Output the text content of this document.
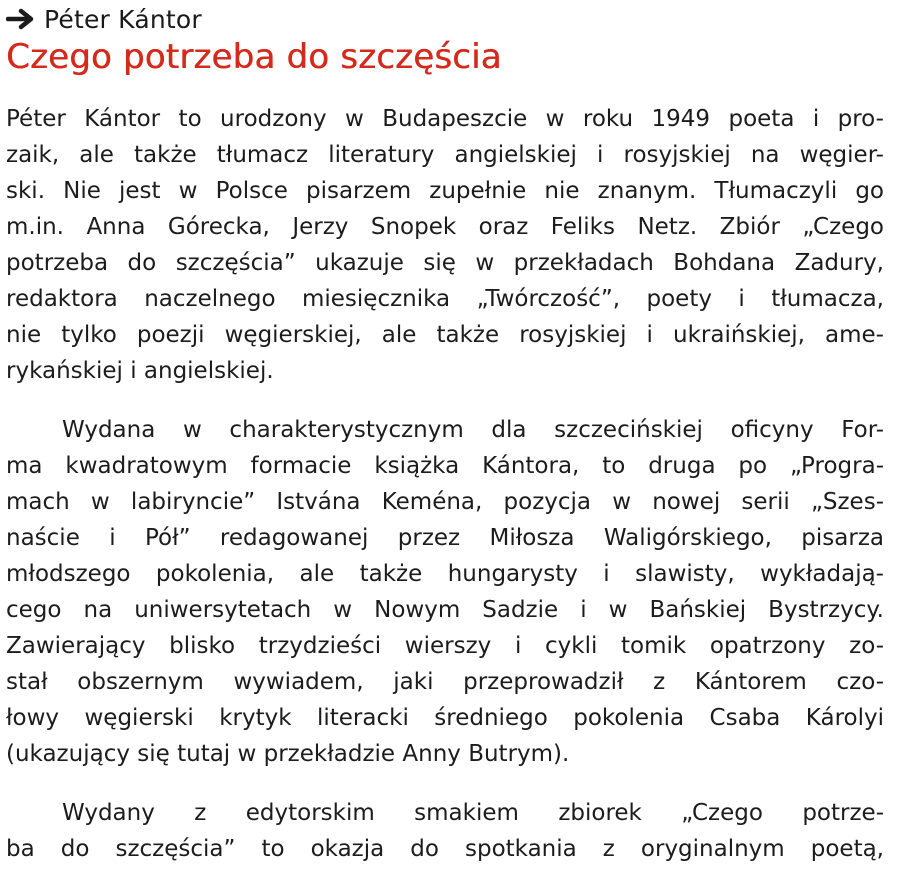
Péter Kántor
Czego potrzeba do szczęścia
Péter Kántor to urodzony w Budapeszcie w roku 1949 poeta i pro-
zaik, ale także tłumacz literatury angielskiej i rosyjskiej na węgier-
ski. Nie jest w Polsce pisarzem zupełnie nie znanym. Tłumaczyli go
m.in. Anna Górecka, Jerzy Snopek oraz Feliks Netz. Zbiór „Czego
potrzeba do szczęścia” ukazuje się w przekładach Bohdana Zadury,
redaktora naczelnego miesięcznika „Twórczość”, poety i tłumacza,
nie tylko poezji węgierskiej, ale także rosyjskiej i ukraińskiej, ame-
rykańskiej i angielskiej.
Wydana w charakterystycznym dla szczecińskiej oficyny For-
ma kwadratowym formacie książka Kántora, to druga po „Progra-
mach w labiryncie” Istvána Keména, pozycja w nowej serii „Szes-
naście i Pół” redagowanej przez Miłosza Waligórskiego, pisarza
młodszego pokolenia, ale także hungarysty i slawisty, wykładają-
cego na uniwersytetach w Nowym Sadzie i w Bańskiej Bystrzycy.
Zawierający blisko trzydzieści wierszy i cykli tomik opatrzony zo-
stał obszernym wywiadem, jaki przeprowadził z Kántorem czo-
łowy węgierski krytyk literacki średniego pokolenia Csaba Károlyi
(ukazujący się tutaj w przekładzie Anny Butrym).
Wydany z edytorskim smakiem zbiorek „Czego potrze-
ba do szczęścia” to okazja do spotkania z oryginalnym poetą,
